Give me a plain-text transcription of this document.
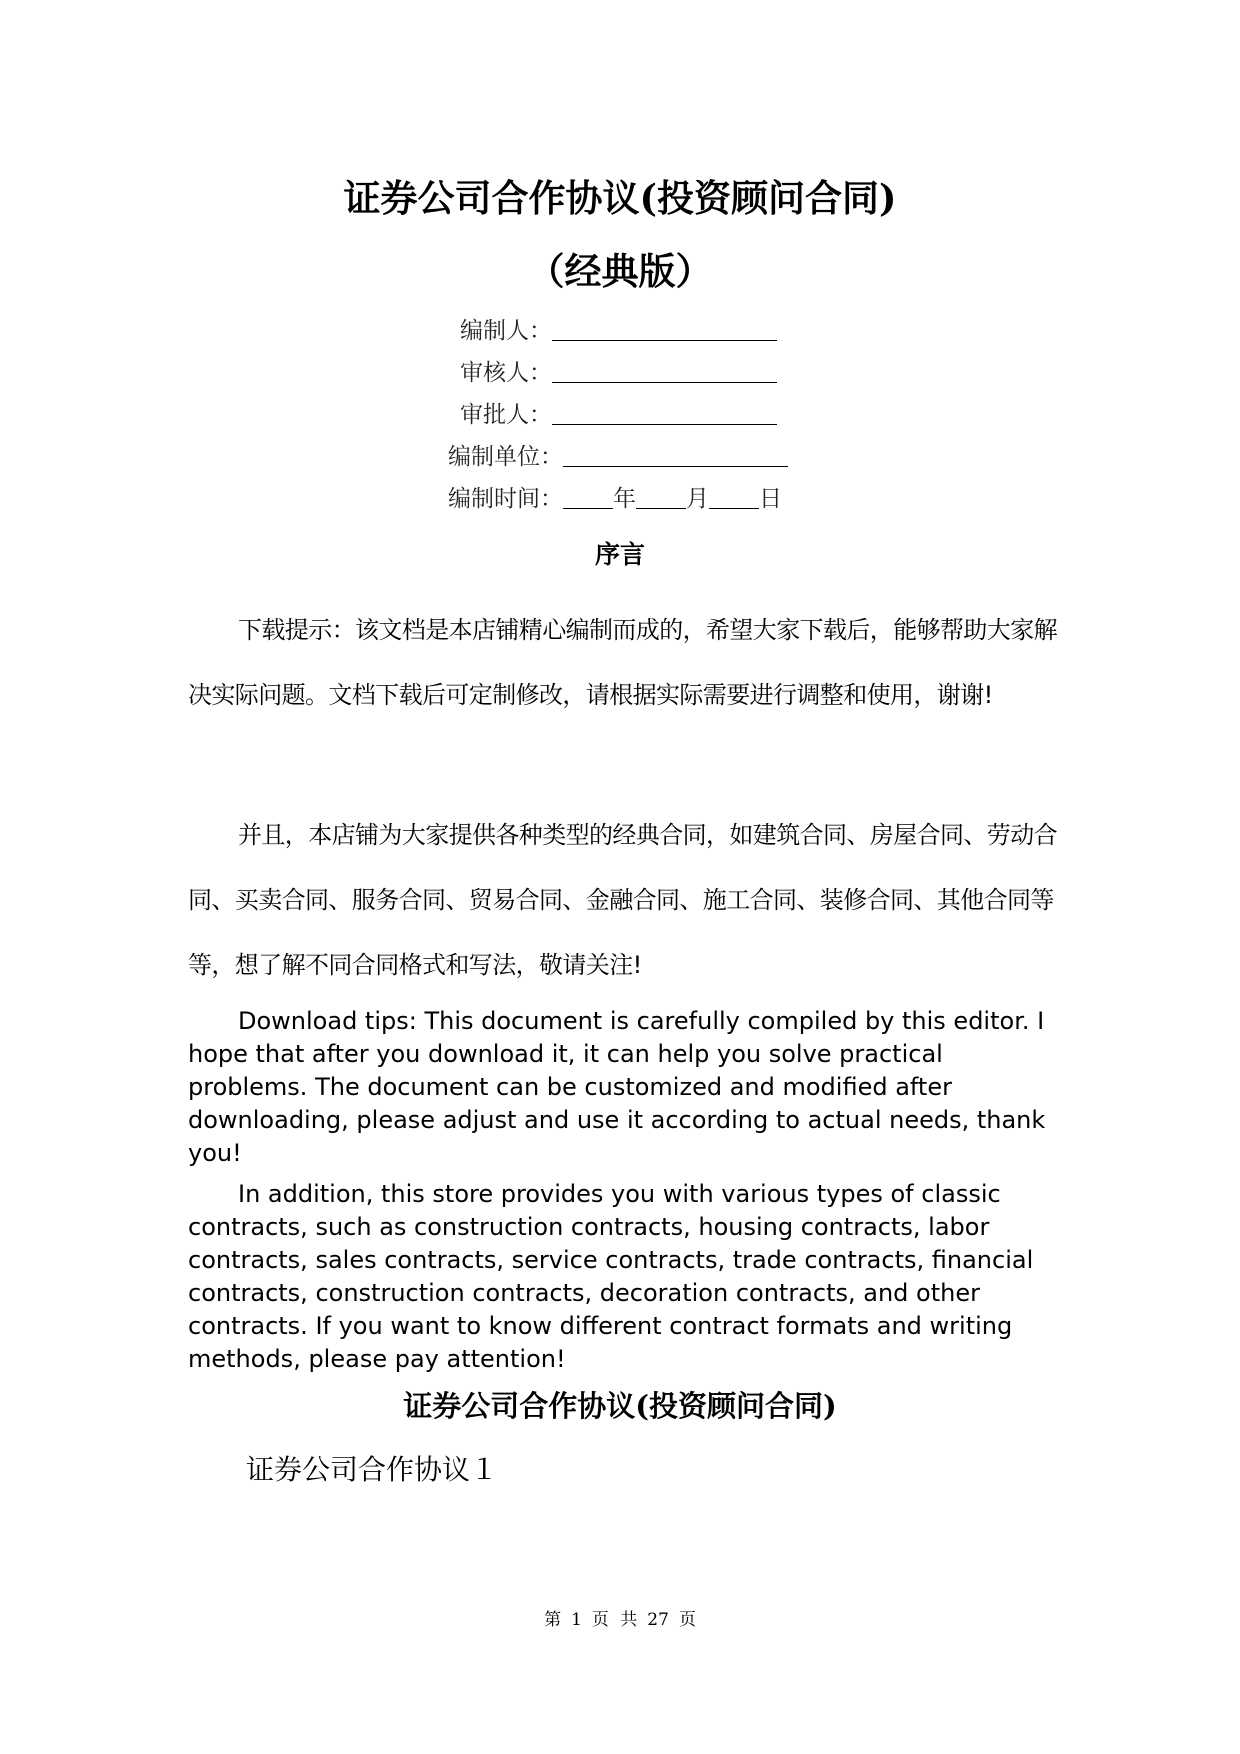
证券公司合作协议(投资顾问合同)
（经典版）
编制人：
审核人：
审批人：
编制单位：
编制时间： 年 月 日
序言

下载提示：该文档是本店铺精心编制而成的，希望大家下载后，能够帮助大家解决实际问题。文档下载后可定制修改，请根据实际需要进行调整和使用，谢谢!

并且，本店铺为大家提供各种类型的经典合同，如建筑合同、房屋合同、劳动合同、买卖合同、服务合同、贸易合同、金融合同、施工合同、装修合同、其他合同等等，想了解不同合同格式和写法，敬请关注!

Download tips: This document is carefully compiled by this editor. I hope that after you download it, it can help you solve practical problems. The document can be customized and modified after downloading, please adjust and use it according to actual needs, thank you!

In addition, this store provides you with various types of classic contracts, such as construction contracts, housing contracts, labor contracts, sales contracts, service contracts, trade contracts, financial contracts, construction contracts, decoration contracts, and other contracts. If you want to know different contract formats and writing methods, please pay attention!

证券公司合作协议(投资顾问合同)
证券公司合作协议１
第 1 页 共 27 页
